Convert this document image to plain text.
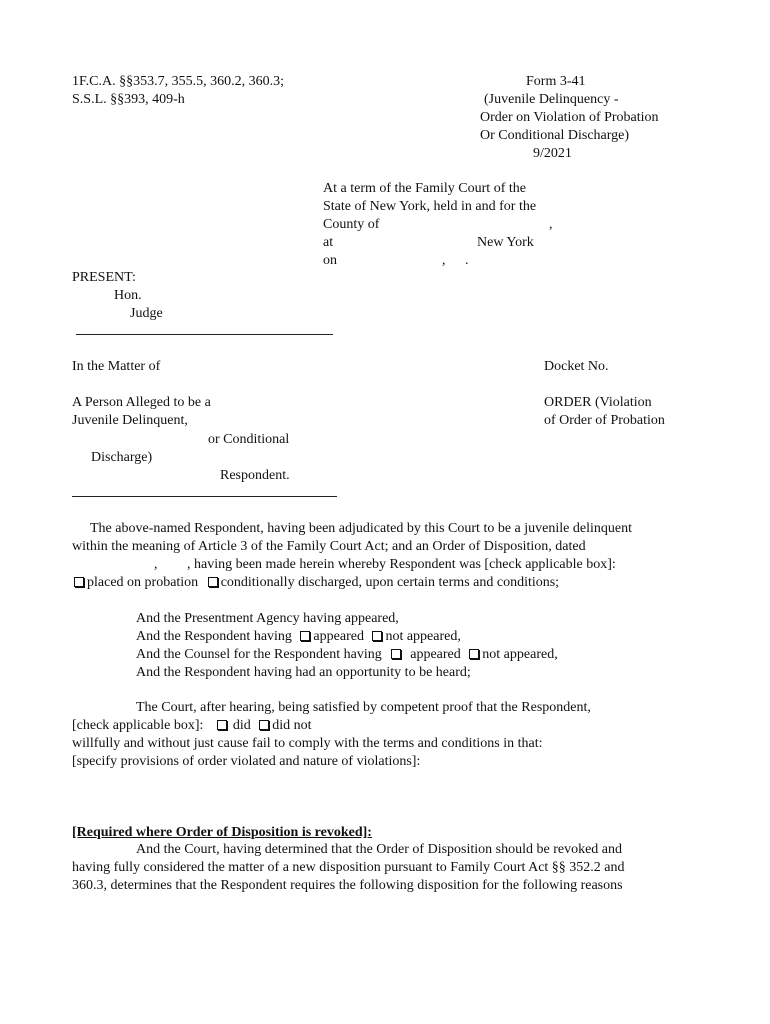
1F.C.A. §§353.7, 355.5, 360.2, 360.3;
S.S.L. §§393, 409-h
Form 3-41
(Juvenile Delinquency -
Order on Violation of Probation
Or Conditional Discharge)
9/2021
At a term of the Family Court of the
State of New York, held in and for the
County of	,
at	New York
on	, .
PRESENT:
Hon.
Judge
In the Matter of	Docket No.
A Person Alleged to be a
Juvenile Delinquent,
or Conditional
Discharge)
Respondent.
ORDER (Violation
of Order of Probation
The above-named Respondent, having been adjudicated by this Court to be a juvenile delinquent
within the meaning of Article 3 of the Family Court Act; and an Order of Disposition, dated
, , having been made herein whereby Respondent was [check applicable box]:
placed on probation conditionally discharged, upon certain terms and conditions;
And the Presentment Agency having appeared,
And the Respondent having appeared not appeared,
And the Counsel for the Respondent having appeared not appeared,
And the Respondent having had an opportunity to be heard;
The Court, after hearing, being satisfied by competent proof that the Respondent,
[check applicable box]: did did not
willfully and without just cause fail to comply with the terms and conditions in that:
[specify provisions of order violated and nature of violations]:
[Required where Order of Disposition is revoked]:
And the Court, having determined that the Order of Disposition should be revoked and
having fully considered the matter of a new disposition pursuant to Family Court Act §§ 352.2 and
360.3, determines that the Respondent requires the following disposition for the following reasons
